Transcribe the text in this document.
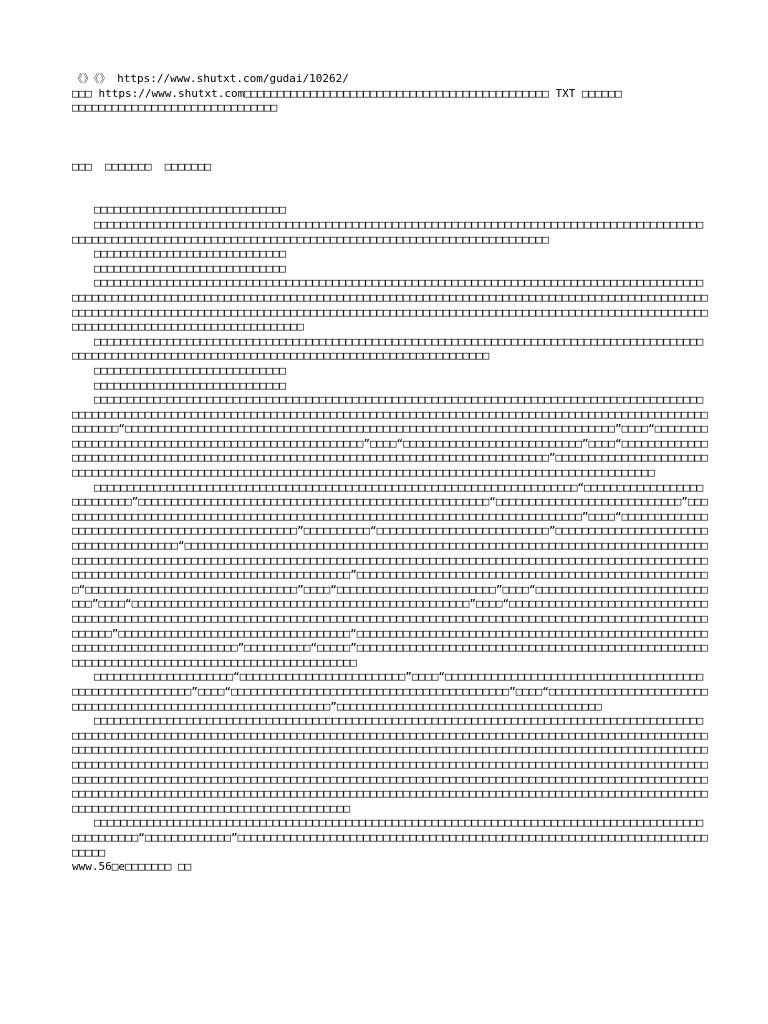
《》《》 https://www.shutxt.com/gudai/10262/
□□□ https://www.shutxt.com□□□□□□□□□□□□□□□□□□□□□□□□□□□□□□□□□□□□□□□□□□□□□□ TXT □□□□□□
□□□□□□□□□□□□□□□□□□□□□□□□□□□□□□□
□□□  □□□□□□□  □□□□□□□
□□□□□□□□□□□□□□□□□□□□□□□□□□□□□
□□□□□□□□□□□□□□□□□□□□□□□□□□□□□□□□□□□□□□□□□□□□□□□□□□□□□□□□□□□□□□□□□□□□□□□□□□□□□□□□□□□□□□□□□□□□□□□□□□□□□□□□□□□□□□□□□□□□□□□□□□□□□□□□□□□□□□□□□□□□□□□□□□□□□□□□□□□□□□□□□□□□
□□□□□□□□□□□□□□□□□□□□□□□□□□□□□
□□□□□□□□□□□□□□□□□□□□□□□□□□□□□
□□□□□□□□□□□□□□□□□□□□□□□□□□□□□□□□□□□□□□□□□□□□□□□□□□□□□□□□□□□□□□□□□□□□□□□□□□□□□□□□□□□□□□□□□□□□□□□□□□□□□□□□□□□□□□□□□□□□□□□□□□□□□□□□□□□□□□□□□□□□□□□□□□□□□□□□□□□□□□□□□□□□□□□□□□□□□□□□□□□□□□□□□□□□□□□□□□□□□□□□□□□□□□□□□□□□□□□□□□□□□□□□□□□□□□□□□□□□□□□□□□□□□□□□□□□□□□□□□□□□□□□□□□□□□□□□□□□□□□□□□□□□□□□□□□□□□□□□□□□□□□□□□□□□□□□□□□□□□□□
□□□□□□□□□□□□□□□□□□□□□□□□□□□□□□□□□□□□□□□□□□□□□□□□□□□□□□□□□□□□□□□□□□□□□□□□□□□□□□□□□□□□□□□□□□□□□□□□□□□□□□□□□□□□□□□□□□□□□□□□□□□□□□□□□□□□□□□□□□□□□□□□□□□□□□□□□□□
□□□□□□□□□□□□□□□□□□□□□□□□□□□□□
□□□□□□□□□□□□□□□□□□□□□□□□□□□□□
□□□□□□□□□□□□□□□□□□□□□□□□□□□□□□□□□□□□□□□□□□□□□□□□□□□□□□□□□□□□□□□□□□□□□□□□□□□□□□□□□□□□□□□□□□□□□□□□□□□□□□□□□□□□□□□□□□□□□□□□□□□□□□□□□□□□□□□□□□□□□□□□□□□□□□□□□□□□□□□□□□□□□□□□□□□□□□□□□□□□□□□□□□□□□□□□□□□“□□□□□□□□□□□□□□□□□□□□□□□□□□□□□□□□□□□□□□□□□□□□□□□□□□□□□□□□□□□□□□□□□□□□□□□□□□”□□□□“□□□□□□□□□□□□□□□□□□□□□□□□□□□□□□□□□□□□□□□□□□□□□□□□□□□□”□□□□“□□□□□□□□□□□□□□□□□□□□□□□□□□□”□□□□“□□□□□□□□□□□□□□□□□□□□□□□□□□□□□□□□□□□□□□□□□□□□□□□□□□□□□□□□□□□□□□□□□□□□□□□□□□□□□□□□□□□□□”□□□□□□□□□□□□□□□□□□□□□□□□□□□□□□□□□□□□□□□□□□□□□□□□□□□□□□□□□□□□□□□□□□□□□□□□□□□□□□□□□□□□□□□□□□□□□□□□□□□□□□□□□□□□□□□
□□□□□□□□□□□□□□□□□□□□□□□□□□□□□□□□□□□□□□□□□□□□□□□□□□□□□□□□□□□□□□□□□□□□□□□□□“□□□□□□□□□□□□□□□□□□□□□□□□□□□”□□□□□□□□□□□□□□□□□□□□□□□□□□□□□□□□□□□□□□□□□□□□□□□□□□□□□“□□□□□□□□□□□□□□□□□□□□□□□□□□□□”□□□□□□□□□□□□□□□□□□□□□□□□□□□□□□□□□□□□□□□□□□□□□□□□□□□□□□□□□□□□□□□□□□□□□□□□□□□□□□□□”□□□□“□□□□□□□□□□□□□□□□□□□□□□□□□□□□□□□□□□□□□□□□□□□□□□□”□□□□□□□□□□“□□□□□□□□□□□□□□□□□□□□□□□□□□”□□□□□□□□□□□□□□□□□□□□□□□□□□□□□□□□□□□□□□□“□□□□□□□□□□□□□□□□□□□□□□□□□□□□□□□□□□□□□□□□□□□□□□□□□□□□□□□□□□□□□□□□□□□□□□□□□□□□□□□□□□□□□□□□□□□□□□□□□□□□□□□□□□□□□□□□□□□□□□□□□□□□□□□□□□□□□□□□□□□□□□□□□□□□□□□□□□□□□□□□□□□□□□□□□□□□□□□□□□□□□□□□□□□□□□□□□□□□□□□□□□□□□□□□□□□□□□□□□”□□□□□□□□□□□□□□□□□□□□□□□□□□□□□□□□□□□□□□□□□□□□□□□□□□□□□□“□□□□□□□□□□□□□□□□□□□□□□□□□□□□□□□□”□□□□“□□□□□□□□□□□□□□□□□□□□□□□□”□□□□“□□□□□□□□□□□□□□□□□□□□□□□□□□□□□”□□□□“□□□□□□□□□□□□□□□□□□□□□□□□□□□□□□□□□□□□□□□□□□□□□□□□□□□”□□□□“□□□□□□□□□□□□□□□□□□□□□□□□□□□□□□□□□□□□□□□□□□□□□□□□□□□□□□□□□□□□□□□□□□□□□□□□□□□□□□□□□□□□□□□□□□□□□□□□□□□□□□□□□□□□□□□□□□□□□□□□□□□□□□□□□□□□”□□□□□□□□□□□□□□□□□□□□□□□□□□□□□□□□□□□“□□□□□□□□□□□□□□□□□□□□□□□□□□□□□□□□□□□□□□□□□□□□□□□□□□□□□□□□□□□□□□□□□□□□□□□□□□□□□□”□□□□□□□□□□“□□□□□”□□□□□□□□□□□□□□□□□□□□□□□□□□□□□□□□□□□□□□□□□□□□□□□□□□□□□□□□□□□□□□□□□□□□□□□□□□□□□□□□□□□□□□□□□□□□□□□□
□□□□□□□□□□□□□□□□□□□□□“□□□□□□□□□□□□□□□□□□□□□□□□□”□□□□“□□□□□□□□□□□□□□□□□□□□□□□□□□□□□□□□□□□□□□□□□□□□□□□□□□□□□□□□□”□□□□“□□□□□□□□□□□□□□□□□□□□□□□□□□□□□□□□□□□□□□□□□□”□□□□“□□□□□□□□□□□□□□□□□□□□□□□□□□□□□□□□□□□□□□□□□□□□□□□□□□□□□□□□□□□□□□□”□□□□□□□□□□□□□□□□□□□□□□□□□□□□□□□□□□□□□□□□
□□□□□□□□□□□□□□□□□□□□□□□□□□□□□□□□□□□□□□□□□□□□□□□□□□□□□□□□□□□□□□□□□□□□□□□□□□□□□□□□□□□□□□□□□□□□□□□□□□□□□□□□□□□□□□□□□□□□□□□□□□□□□□□□□□□□□□□□□□□□□□□□□□□□□□□□□□□□□□□□□□□□□□□□□□□□□□□□□□□□□□□□□□□□□□□□□□□□□□□□□□□□□□□□□□□□□□□□□□□□□□□□□□□□□□□□□□□□□□□□□□□□□□□□□□□□□□□□□□□□□□□□□□□□□□□□□□□□□□□□□□□□□□□□□□□□□□□□□□□□□□□□□□□□□□□□□□□□□□□□□□□□□□□□□□□□□□□□□□□□□□□□□□□□□□□□□□□□□□□□□□□□□□□□□□□□□□□□□□□□□□□□□□□□□□□□□□□□□□□□□□□□□□□□□□□□□□□□□□□□□□□□□□□□□□□□□□□□□□□□□□□□□□□□□□□□□□□□□□□□□□□□□□□□□□□□□□□□□□□□□□□□□□□□□□□□□□□□□□□□□□□□□□□□□□□□□□□□□□□□□□□□□□□□□□□□□□□□□□□□□□□□□□□□□□□□□□□□□□□□□□□□□□□□□□□□□□□□□□□□□□□□□□□□□□□□□□□□□□□□□□□□□□□□□□□□□□
□□□□□□□□□□□□□□□□□□□□□□□□□□□□□□□□□□□□□□□□□□□□□□□□□□□□□□□□□□□□□□□□□□□□□□□□□□□□□□□□□□□□□□□□□□□□□□□□□□□□□□“□□□□□□□□□□□□□”□□□□□□□□□□□□□□□□□□□□□□□□□□□□□□□□□□□□□□□□□□□□□□□□□□□□□□□□□□□□□□□□□□□□□□□□□□□□
www.56□e□□□□□□□ □□
